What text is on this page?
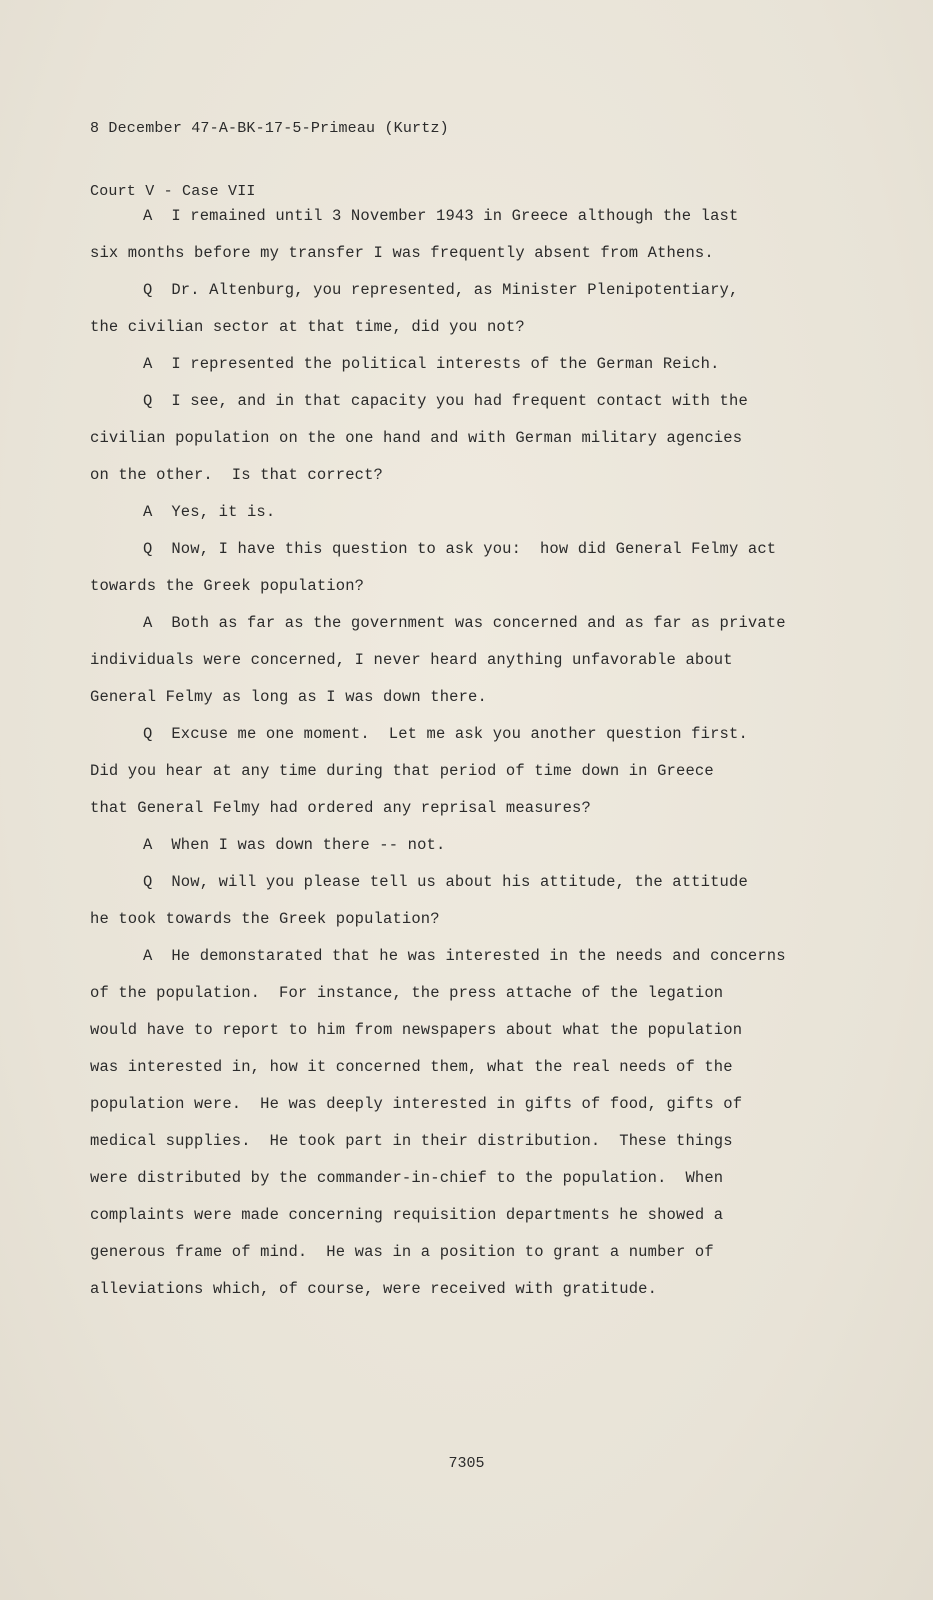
8 December 47-A-BK-17-5-Primeau (Kurtz)

Court V - Case VII

A  I remained until 3 November 1943 in Greece although the last
six months before my transfer I was frequently absent from Athens.
Q  Dr. Altenburg, you represented, as Minister Plenipotentiary,
the civilian sector at that time, did you not?
A  I represented the political interests of the German Reich.
Q  I see, and in that capacity you had frequent contact with the
civilian population on the one hand and with German military agencies
on the other.  Is that correct?
A  Yes, it is.
Q  Now, I have this question to ask you:  how did General Felmy act
towards the Greek population?
A  Both as far as the government was concerned and as far as private
individuals were concerned, I never heard anything unfavorable about
General Felmy as long as I was down there.
Q  Excuse me one moment.  Let me ask you another question first.
Did you hear at any time during that period of time down in Greece
that General Felmy had ordered any reprisal measures?
A  When I was down there -- not.
Q  Now, will you please tell us about his attitude, the attitude
he took towards the Greek population?
A  He demonstarated that he was interested in the needs and concerns
of the population.  For instance, the press attache of the legation
would have to report to him from newspapers about what the population
was interested in, how it concerned them, what the real needs of the
population were.  He was deeply interested in gifts of food, gifts of
medical supplies.  He took part in their distribution.  These things
were distributed by the commander-in-chief to the population.  When
complaints were made concerning requisition departments he showed a
generous frame of mind.  He was in a position to grant a number of
alleviations which, of course, were received with gratitude.
7305
